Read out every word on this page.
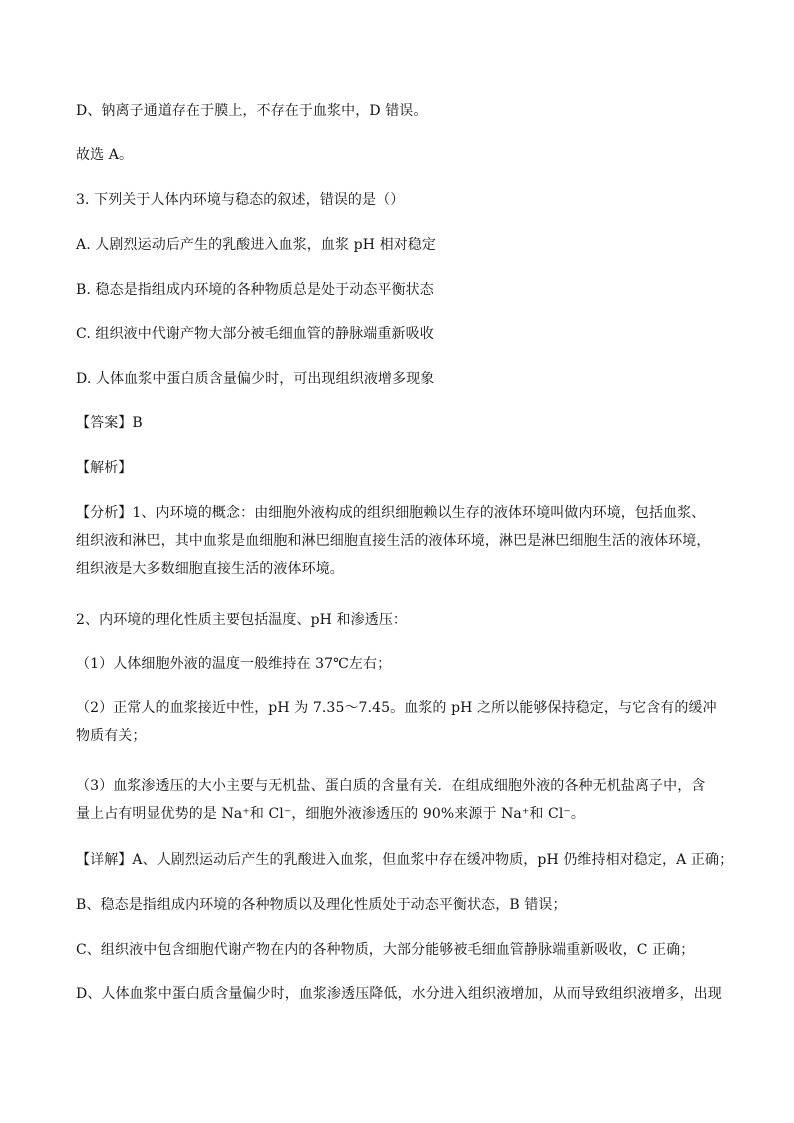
D、钠离子通道存在于膜上，不存在于血浆中，D 错误。
故选 A。
3. 下列关于人体内环境与稳态的叙述，错误的是（）
A. 人剧烈运动后产生的乳酸进入血浆，血浆 pH 相对稳定
B. 稳态是指组成内环境的各种物质总是处于动态平衡状态
C. 组织液中代谢产物大部分被毛细血管的静脉端重新吸收
D. 人体血浆中蛋白质含量偏少时，可出现组织液增多现象
【答案】B
【解析】
【分析】1、内环境的概念：由细胞外液构成的组织细胞赖以生存的液体环境叫做内环境，包括血浆、组织液和淋巴，其中血浆是血细胞和淋巴细胞直接生活的液体环境，淋巴是淋巴细胞生活的液体环境，组织液是大多数细胞直接生活的液体环境。
2、内环境的理化性质主要包括温度、pH 和渗透压：
（1）人体细胞外液的温度一般维持在 37℃左右；
（2）正常人的血浆接近中性，pH 为 7.35～7.45。血浆的 pH 之所以能够保持稳定，与它含有的缓冲物质有关；
（3）血浆渗透压的大小主要与无机盐、蛋白质的含量有关．在组成细胞外液的各种无机盐离子中，含量上占有明显优势的是 Na⁺和 Cl⁻，细胞外液渗透压的 90%来源于 Na⁺和 Cl⁻。
【详解】A、人剧烈运动后产生的乳酸进入血浆，但血浆中存在缓冲物质，pH 仍维持相对稳定，A 正确；
B、稳态是指组成内环境的各种物质以及理化性质处于动态平衡状态，B 错误；
C、组织液中包含细胞代谢产物在内的各种物质，大部分能够被毛细血管静脉端重新吸收，C 正确；
D、人体血浆中蛋白质含量偏少时，血浆渗透压降低，水分进入组织液增加，从而导致组织液增多，出现
